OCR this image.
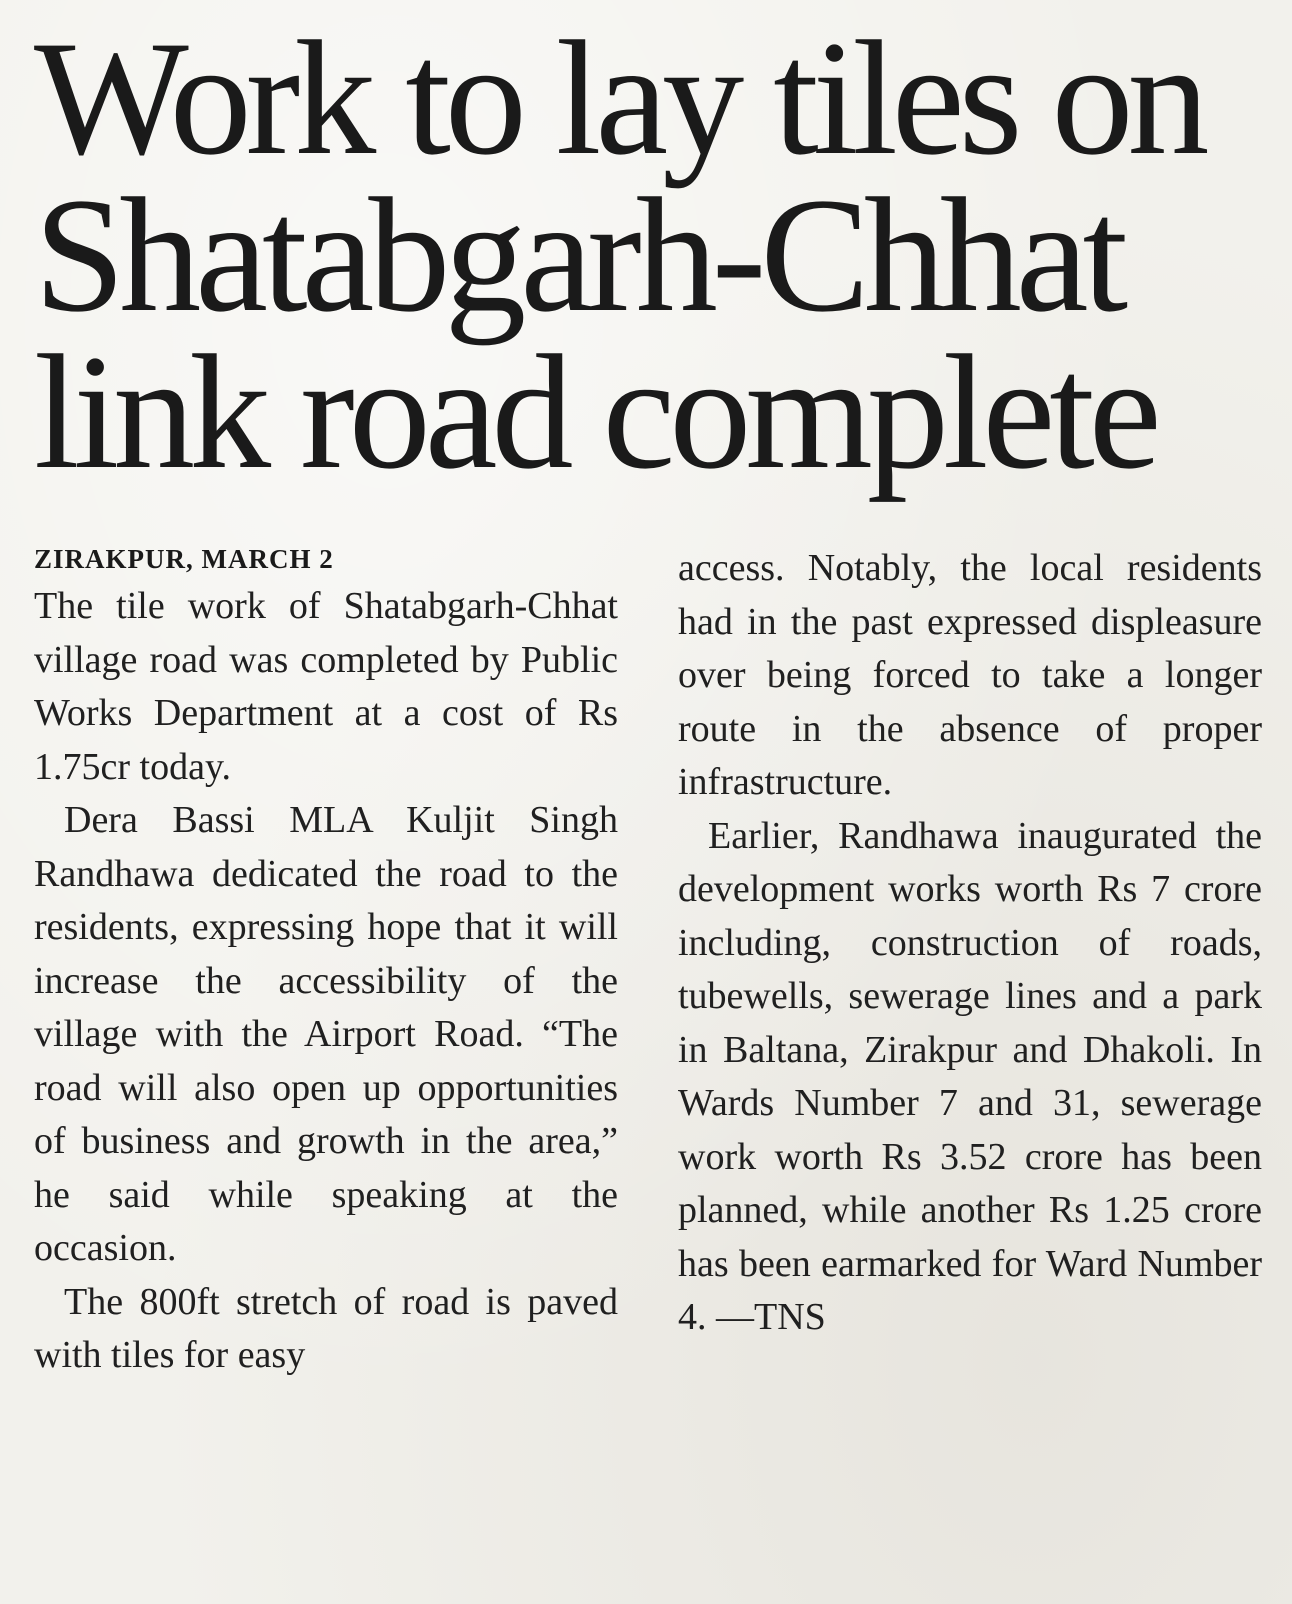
Work to lay tiles on
Shatabgarh-Chhat
link road complete
ZIRAKPUR, MARCH 2

The tile work of Shatabgarh-Chhat village road was completed by Public Works Department at a cost of Rs 1.75cr today.

Dera Bassi MLA Kuljit Singh Randhawa dedicated the road to the residents, expressing hope that it will increase the accessibility of the village with the Airport Road. “The road will also open up opportunities of business and growth in the area,” he said while speaking at the occasion.

The 800ft stretch of road is paved with tiles for easy

access. Notably, the local residents had in the past expressed displeasure over being forced to take a longer route in the absence of proper infrastructure.

Earlier, Randhawa inaugurated the development works worth Rs 7 crore including, construction of roads, tubewells, sewerage lines and a park in Baltana, Zirakpur and Dhakoli. In Wards Number 7 and 31, sewerage work worth Rs 3.52 crore has been planned, while another Rs 1.25 crore has been earmarked for Ward Number 4. —TNS
